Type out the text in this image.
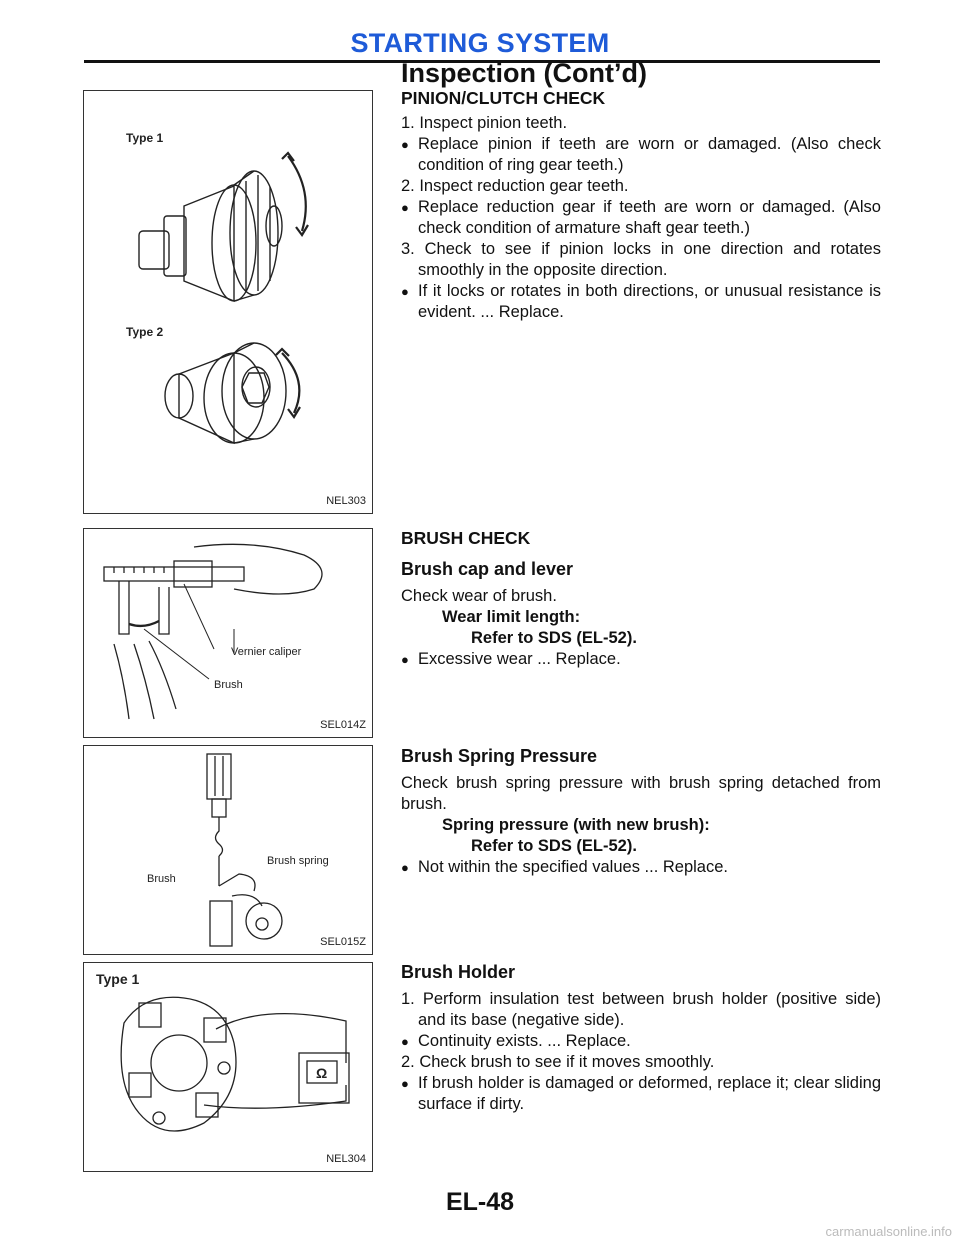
STARTING SYSTEM
Inspection (Cont’d)
Type 1
Type 2
NEL303
Vernier caliper
Brush
SEL014Z
Brush
Brush spring
SEL015Z
Type 1
Ω
NEL304
PINION/CLUTCH CHECK

1. Inspect pinion teeth.

● Replace pinion if teeth are worn or damaged. (Also check condition of ring gear teeth.)

2. Inspect reduction gear teeth.

● Replace reduction gear if teeth are worn or damaged. (Also check condition of armature shaft gear teeth.)

3. Check to see if pinion locks in one direction and rotates smoothly in the opposite direction.

● If it locks or rotates in both directions, or unusual resistance is evident. ... Replace.

BRUSH CHECK
Brush cap and lever

Check wear of brush.

Wear limit length:

Refer to SDS (EL-52).

● Excessive wear ... Replace.

Brush Spring Pressure

Check brush spring pressure with brush spring detached from brush.

Spring pressure (with new brush):

Refer to SDS (EL-52).

● Not within the specified values ... Replace.

Brush Holder

1. Perform insulation test between brush holder (positive side) and its base (negative side).

● Continuity exists. ... Replace.

2. Check brush to see if it moves smoothly.

● If brush holder is damaged or deformed, replace it; clear sliding surface if dirty.

EL-48
carmanualsonline.info
